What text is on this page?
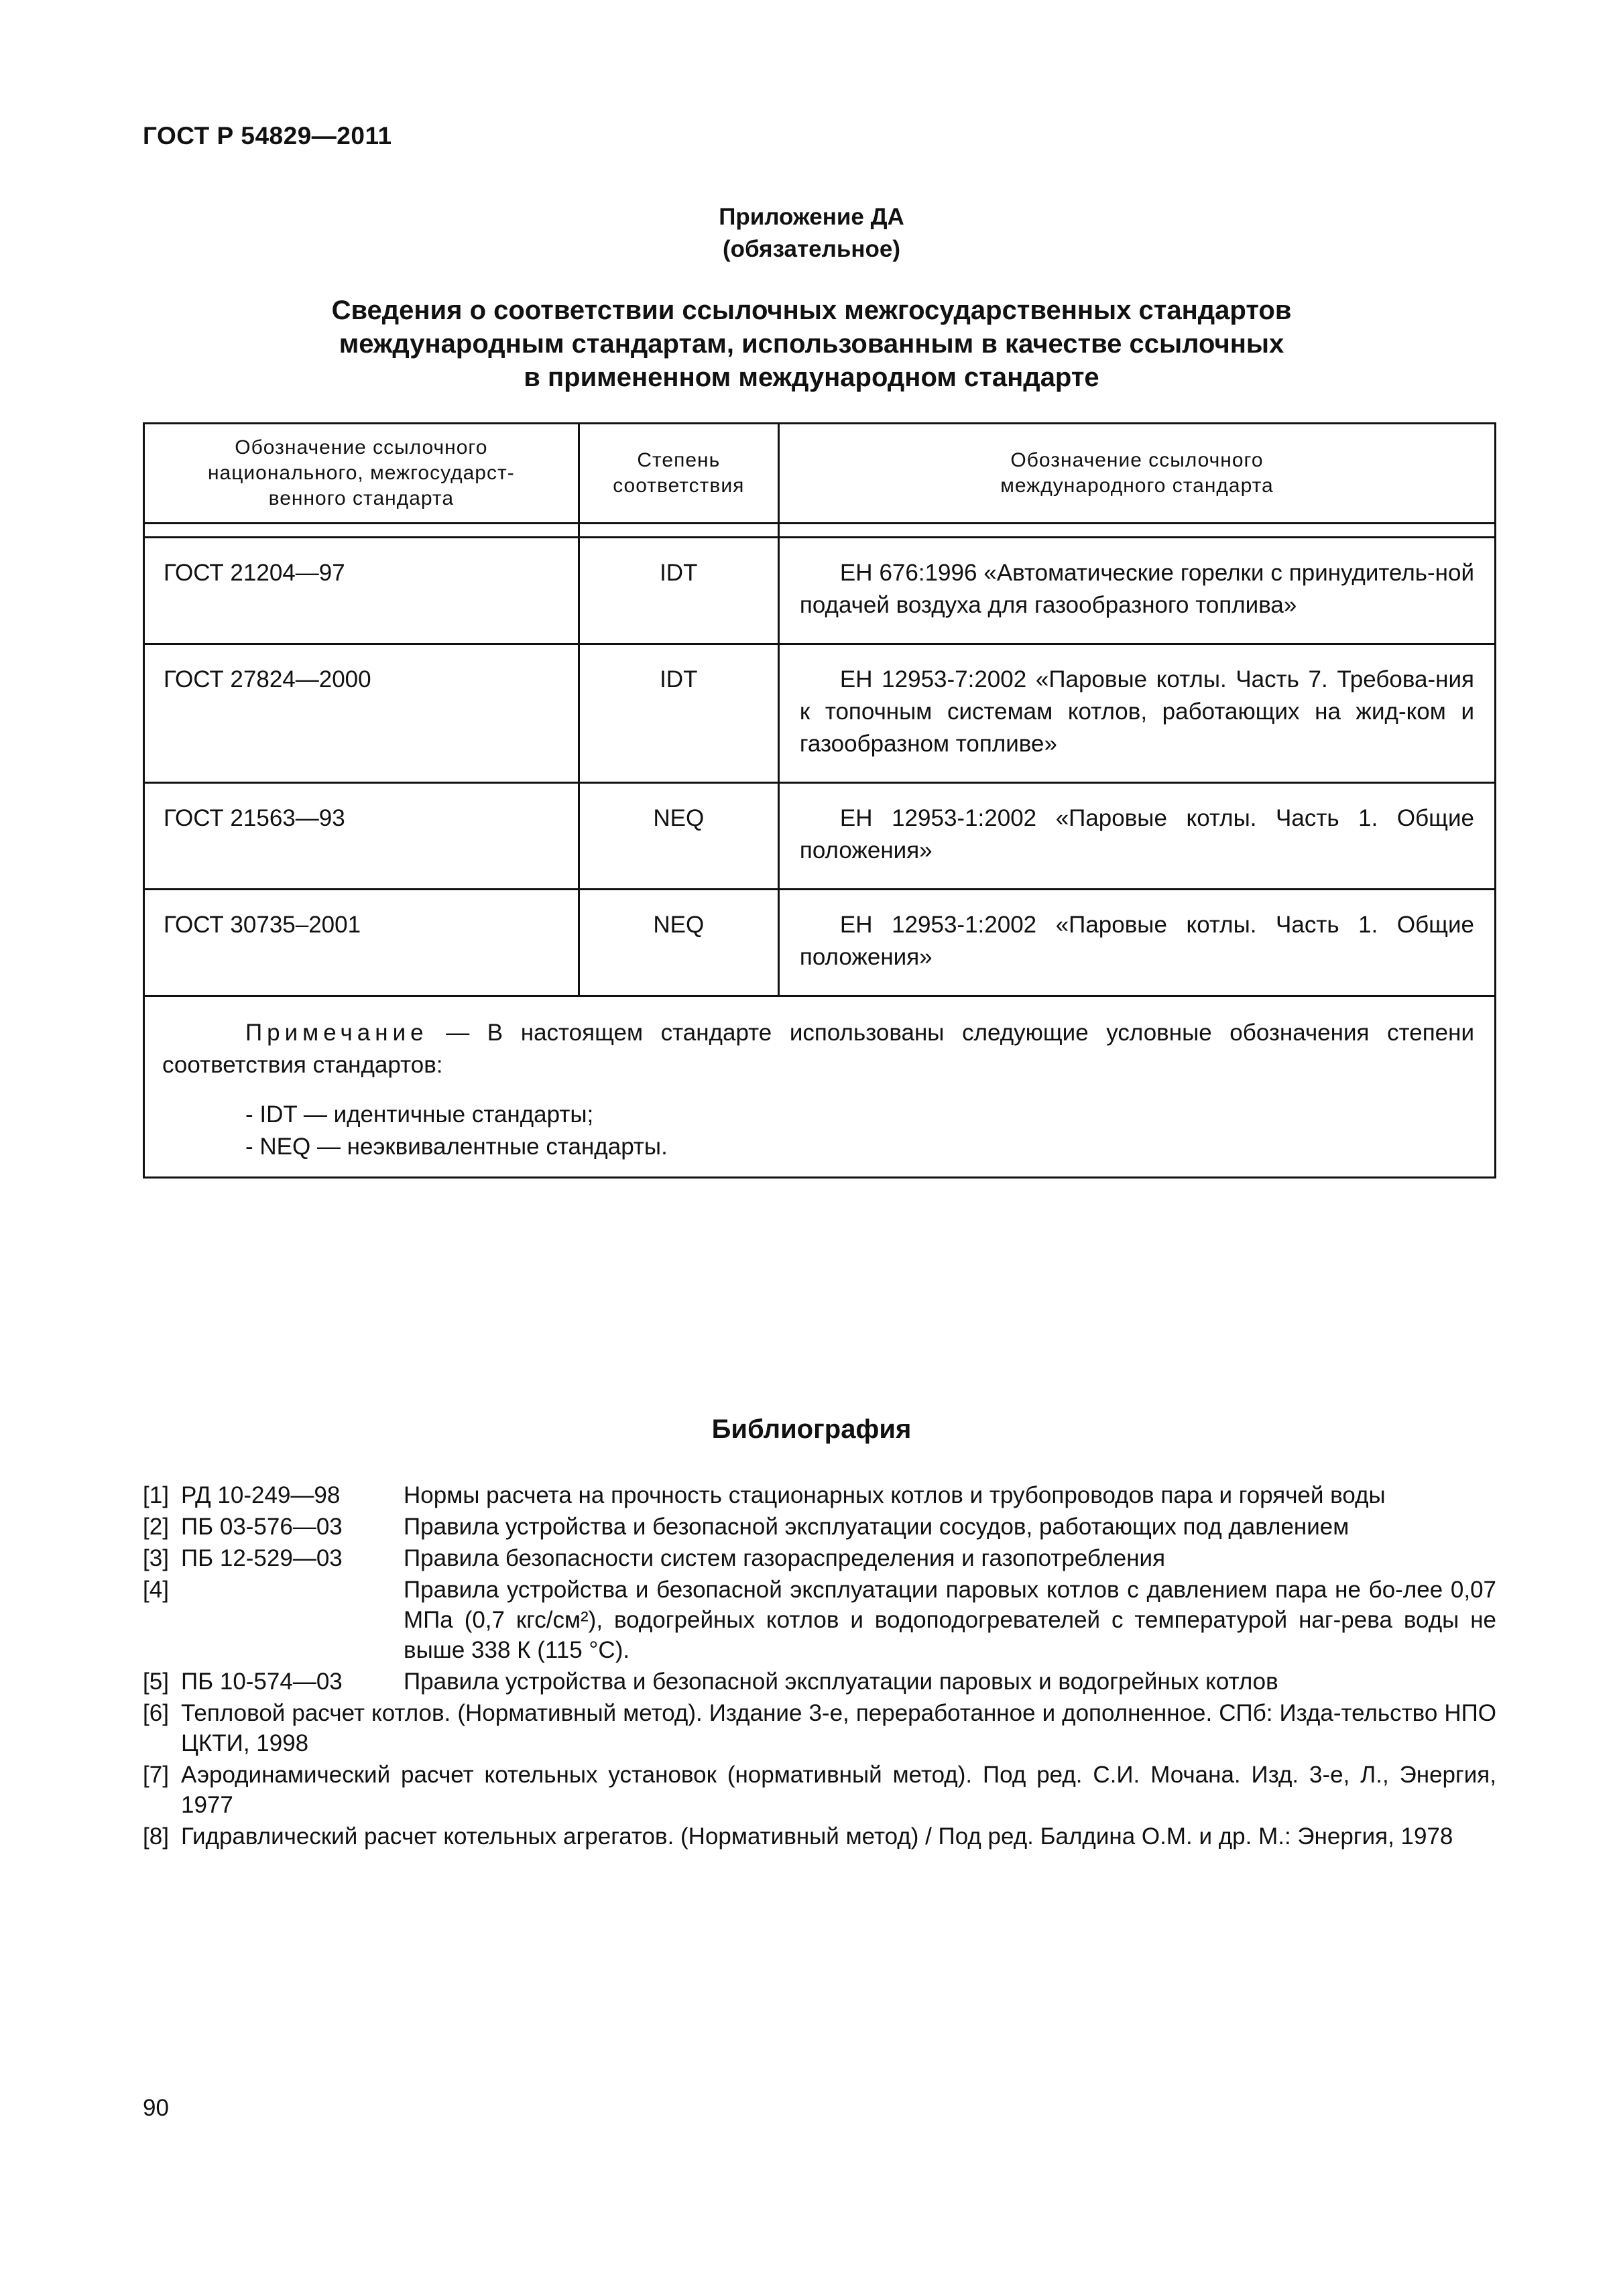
ГОСТ Р 54829—2011
Приложение ДА
(обязательное)
Сведения о соответствии ссылочных межгосударственных стандартов
международным стандартам, использованным в качестве ссылочных
в примененном международном стандарте
Обозначение ссылочного национального, межгосударст-венного стандарта	Степень соответствия	Обозначение ссылочного международного стандарта

ГОСТ 21204—97	IDT	ЕН 676:1996 «Автоматические горелки с принудитель-ной подачей воздуха для газообразного топлива»
ГОСТ 27824—2000	IDT	ЕН 12953-7:2002 «Паровые котлы. Часть 7. Требова-ния к топочным системам котлов, работающих на жид-ком и газообразном топливе»
ГОСТ 21563—93	NEQ	ЕН 12953-1:2002 «Паровые котлы. Часть 1. Общие положения»
ГОСТ 30735–2001	NEQ	ЕН 12953-1:2002 «Паровые котлы. Часть 1. Общие положения»

Примечание — В настоящем стандарте использованы следующие условные обозначения степени соответствия стандартов:
- IDT — идентичные стандарты;
- NEQ — неэквивалентные стандарты.		
Библиография
[1] РД 10-249—98	Нормы расчета на прочность стационарных котлов и трубопроводов пара и горячей воды
[2] ПБ 03-576—03	Правила устройства и безопасной эксплуатации сосудов, работающих под давлением
[3] ПБ 12-529—03	Правила безопасности систем газораспределения и газопотребления
[4]	Правила устройства и безопасной эксплуатации паровых котлов с давлением пара не бо-лее 0,07 МПа (0,7 кгс/см²), водогрейных котлов и водоподогревателей с температурой наг-рева воды не выше 338 К (115 °С).
[5] ПБ 10-574—03	Правила устройства и безопасной эксплуатации паровых и водогрейных котлов
[6] Тепловой расчет котлов. (Нормативный метод). Издание 3-е, переработанное и дополненное. СПб: Изда-тельство НПО ЦКТИ, 1998
[7] Аэродинамический расчет котельных установок (нормативный метод). Под ред. С.И. Мочана. Изд. 3-е, Л., Энергия, 1977
[8] Гидравлический расчет котельных агрегатов. (Нормативный метод) / Под ред. Балдина О.М. и др. М.: Энергия, 1978
90
